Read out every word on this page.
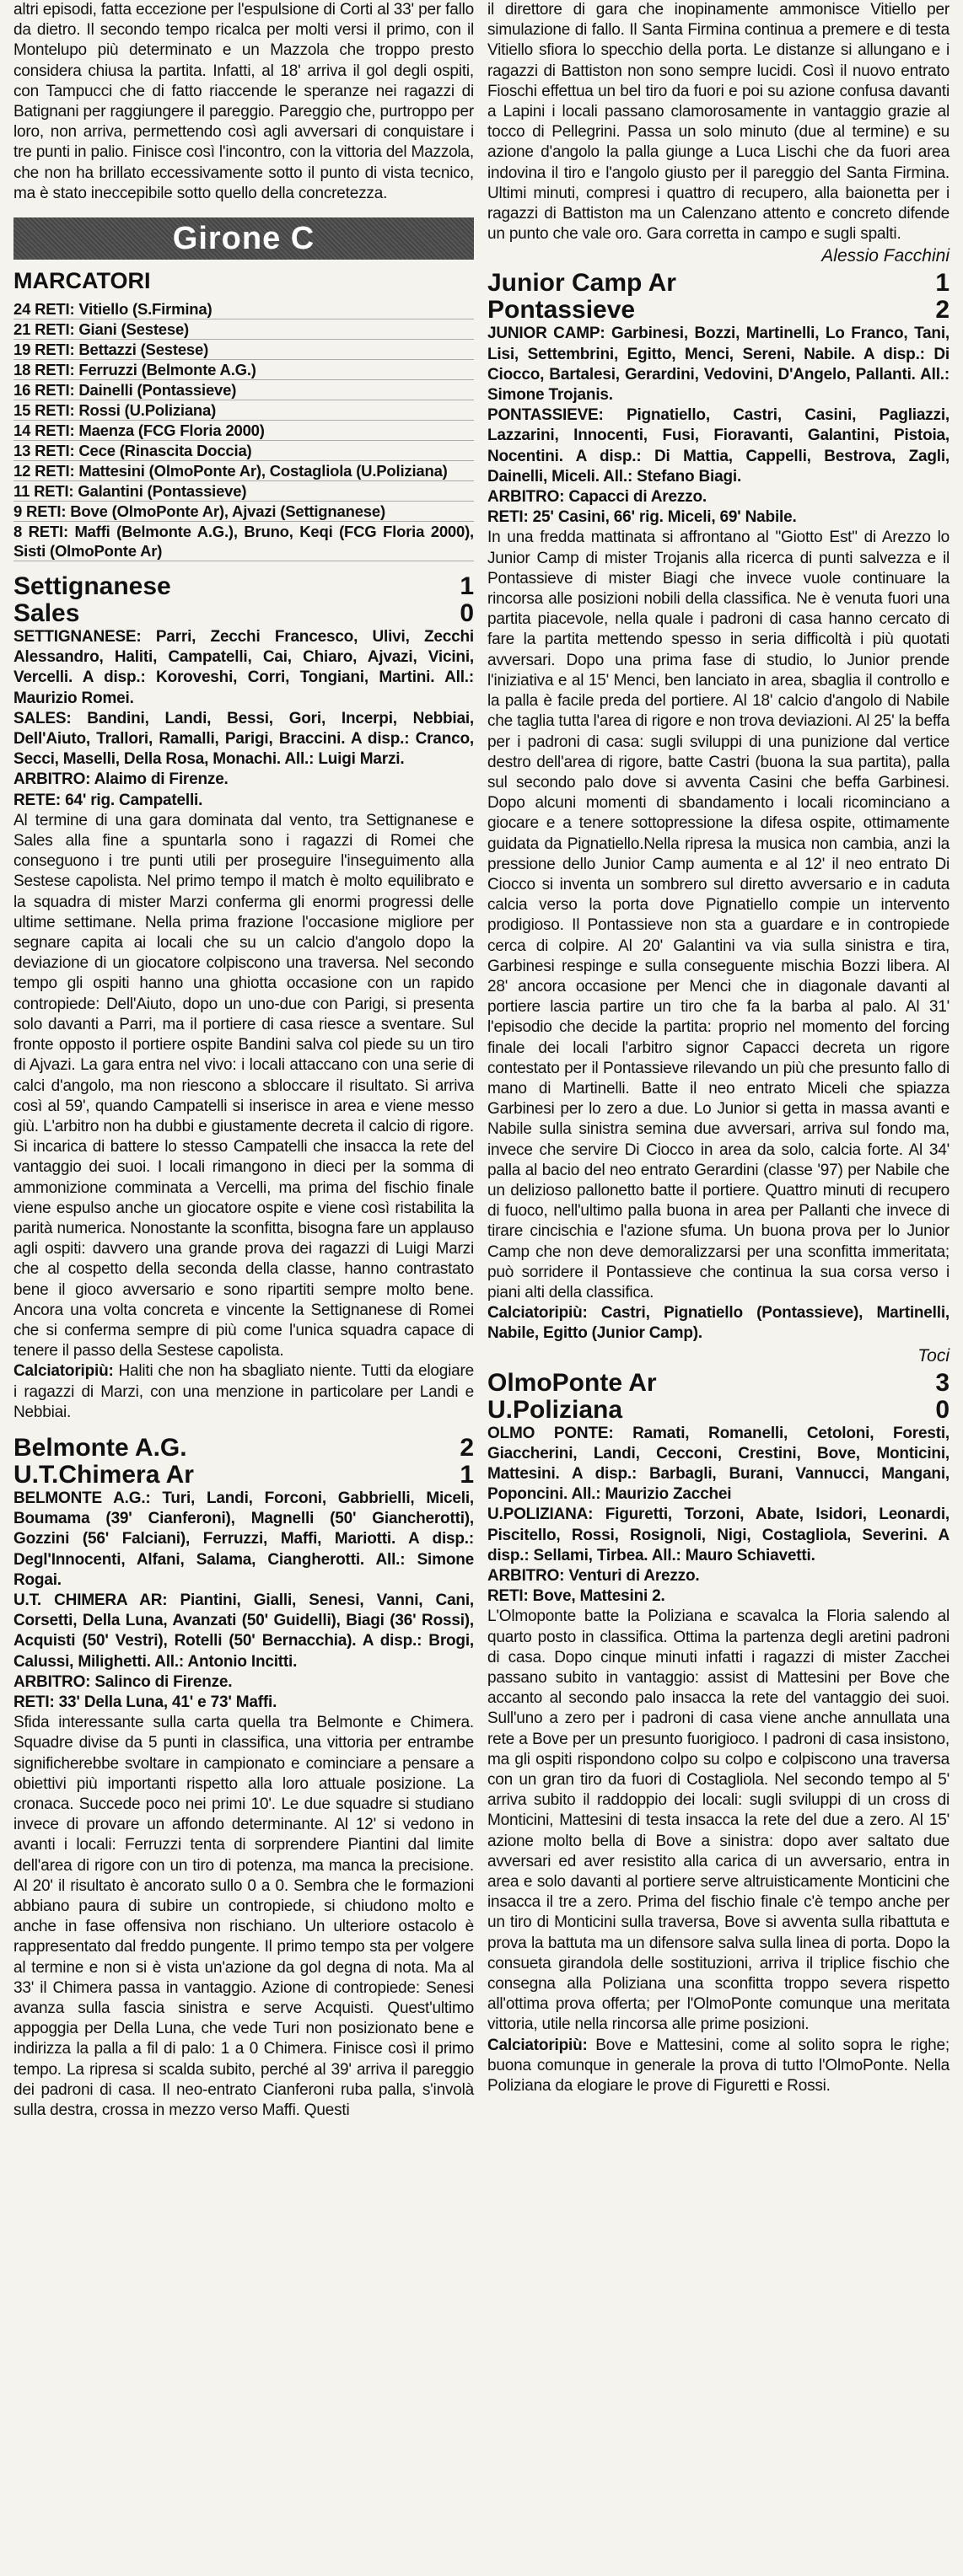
altri episodi, fatta eccezione per l'espulsione di Corti al 33' per fallo da dietro. Il secondo tempo ricalca per molti versi il primo, con il Montelupo più determinato e un Mazzola che troppo presto considera chiusa la partita. Infatti, al 18' arriva il gol degli ospiti, con Tampucci che di fatto riaccende le speranze nei ragazzi di Batignani per raggiungere il pareggio. Pareggio che, purtroppo per loro, non arriva, permettendo così agli avversari di conquistare i tre punti in palio. Finisce così l'incontro, con la vittoria del Mazzola, che non ha brillato eccessivamente sotto il punto di vista tecnico, ma è stato ineccepibile sotto quello della concretezza.

Girone C
MARCATORI

24 RETI: Vitiello (S.Firmina)

21 RETI: Giani (Sestese)

19 RETI: Bettazzi (Sestese)

18 RETI: Ferruzzi (Belmonte A.G.)

16 RETI: Dainelli (Pontassieve)

15 RETI: Rossi (U.Poliziana)

14 RETI: Maenza (FCG Floria 2000)

13 RETI: Cece (Rinascita Doccia)

12 RETI: Mattesini (OlmoPonte Ar), Costagliola (U.Poliziana)

11 RETI: Galantini (Pontassieve)

9 RETI: Bove (OlmoPonte Ar), Ajvazi (Settignanese)

8 RETI: Maffi (Belmonte A.G.), Bruno, Keqi (FCG Floria 2000), Sisti (OlmoPonte Ar)

Settignanese	1
Sales	0

SETTIGNANESE: Parri, Zecchi Francesco, Ulivi, Zecchi Alessandro, Haliti, Campatelli, Cai, Chiaro, Ajvazi, Vicini, Vercelli. A disp.: Koroveshi, Corri, Tongiani, Martini. All.: Maurizio Romei.

SALES: Bandini, Landi, Bessi, Gori, Incerpi, Nebbiai, Dell'Aiuto, Trallori, Ramalli, Parigi, Braccini. A disp.: Cranco, Secci, Maselli, Della Rosa, Monachi. All.: Luigi Marzi.

ARBITRO: Alaimo di Firenze.

RETE: 64' rig. Campatelli.

Al termine di una gara dominata dal vento, tra Settignanese e Sales alla fine a spuntarla sono i ragazzi di Romei che conseguono i tre punti utili per proseguire l'inseguimento alla Sestese capolista. Nel primo tempo il match è molto equilibrato e la squadra di mister Marzi conferma gli enormi progressi delle ultime settimane. Nella prima frazione l'occasione migliore per segnare capita ai locali che su un calcio d'angolo dopo la deviazione di un giocatore colpiscono una traversa. Nel secondo tempo gli ospiti hanno una ghiotta occasione con un rapido contropiede: Dell'Aiuto, dopo un uno-due con Parigi, si presenta solo davanti a Parri, ma il portiere di casa riesce a sventare. Sul fronte opposto il portiere ospite Bandini salva col piede su un tiro di Ajvazi. La gara entra nel vivo: i locali attaccano con una serie di calci d'angolo, ma non riescono a sbloccare il risultato. Si arriva così al 59', quando Campatelli si inserisce in area e viene messo giù. L'arbitro non ha dubbi e giustamente decreta il calcio di rigore. Si incarica di battere lo stesso Campatelli che insacca la rete del vantaggio dei suoi. I locali rimangono in dieci per la somma di ammonizione comminata a Vercelli, ma prima del fischio finale viene espulso anche un giocatore ospite e viene così ristabilita la parità numerica. Nonostante la sconfitta, bisogna fare un applauso agli ospiti: davvero una grande prova dei ragazzi di Luigi Marzi che al cospetto della seconda della classe, hanno contrastato bene il gioco avversario e sono ripartiti sempre molto bene. Ancora una volta concreta e vincente la Settignanese di Romei che si conferma sempre di più come l'unica squadra capace di tenere il passo della Sestese capolista.

Calciatoripiù: Haliti che non ha sbagliato niente. Tutti da elogiare i ragazzi di Marzi, con una menzione in particolare per Landi e Nebbiai.

Belmonte A.G.	2
U.T.Chimera Ar	1

BELMONTE A.G.: Turi, Landi, Forconi, Gabbrielli, Miceli, Boumama (39' Cianferoni), Magnelli (50' Giancherotti), Gozzini (56' Falciani), Ferruzzi, Maffi, Mariotti. A disp.: Degl'Innocenti, Alfani, Salama, Ciangherotti. All.: Simone Rogai.

U.T. CHIMERA AR: Piantini, Gialli, Senesi, Vanni, Cani, Corsetti, Della Luna, Avanzati (50' Guidelli), Biagi (36' Rossi), Acquisti (50' Vestri), Rotelli (50' Bernacchia). A disp.: Brogi, Calussi, Milighetti. All.: Antonio Incitti.

ARBITRO: Salinco di Firenze.

RETI: 33' Della Luna, 41' e 73' Maffi.

Sfida interessante sulla carta quella tra Belmonte e Chimera. Squadre divise da 5 punti in classifica, una vittoria per entrambe significherebbe svoltare in campionato e cominciare a pensare a obiettivi più importanti rispetto alla loro attuale posizione. La cronaca. Succede poco nei primi 10'. Le due squadre si studiano invece di provare un affondo determinante. Al 12' si vedono in avanti i locali: Ferruzzi tenta di sorprendere Piantini dal limite dell'area di rigore con un tiro di potenza, ma manca la precisione. Al 20' il risultato è ancorato sullo 0 a 0. Sembra che le formazioni abbiano paura di subire un contropiede, si chiudono molto e anche in fase offensiva non rischiano. Un ulteriore ostacolo è rappresentato dal freddo pungente. Il primo tempo sta per volgere al termine e non si è vista un'azione da gol degna di nota. Ma al 33' il Chimera passa in vantaggio. Azione di contropiede: Senesi avanza sulla fascia sinistra e serve Acquisti. Quest'ultimo appoggia per Della Luna, che vede Turi non posizionato bene e indirizza la palla a fil di palo: 1 a 0 Chimera. Finisce così il primo tempo. La ripresa si scalda subito, perché al 39' arriva il pareggio dei padroni di casa. Il neo-entrato Cianferoni ruba palla, s'involà sulla destra, crossa in mezzo verso Maffi. Questi

il direttore di gara che inopinamente ammonisce Vitiello per simulazione di fallo. Il Santa Firmina continua a premere e di testa Vitiello sfiora lo specchio della porta. Le distanze si allungano e i ragazzi di Battiston non sono sempre lucidi. Così il nuovo entrato Fioschi effettua un bel tiro da fuori e poi su azione confusa davanti a Lapini i locali passano clamorosamente in vantaggio grazie al tocco di Pellegrini. Passa un solo minuto (due al termine) e su azione d'angolo la palla giunge a Luca Lischi che da fuori area indovina il tiro e l'angolo giusto per il pareggio del Santa Firmina. Ultimi minuti, compresi i quattro di recupero, alla baionetta per i ragazzi di Battiston ma un Calenzano attento e concreto difende un punto che vale oro. Gara corretta in campo e sugli spalti.

Alessio Facchini
Junior Camp Ar	1
Pontassieve	2

JUNIOR CAMP: Garbinesi, Bozzi, Martinelli, Lo Franco, Tani, Lisi, Settembrini, Egitto, Menci, Sereni, Nabile. A disp.: Di Ciocco, Bartalesi, Gerardini, Vedovini, D'Angelo, Pallanti. All.: Simone Trojanis.

PONTASSIEVE: Pignatiello, Castri, Casini, Pagliazzi, Lazzarini, Innocenti, Fusi, Fioravanti, Galantini, Pistoia, Nocentini. A disp.: Di Mattia, Cappelli, Bestrova, Zagli, Dainelli, Miceli. All.: Stefano Biagi.

ARBITRO: Capacci di Arezzo.

RETI: 25' Casini, 66' rig. Miceli, 69' Nabile.

In una fredda mattinata si affrontano al "Giotto Est" di Arezzo lo Junior Camp di mister Trojanis alla ricerca di punti salvezza e il Pontassieve di mister Biagi che invece vuole continuare la rincorsa alle posizioni nobili della classifica. Ne è venuta fuori una partita piacevole, nella quale i padroni di casa hanno cercato di fare la partita mettendo spesso in seria difficoltà i più quotati avversari. Dopo una prima fase di studio, lo Junior prende l'iniziativa e al 15' Menci, ben lanciato in area, sbaglia il controllo e la palla è facile preda del portiere. Al 18' calcio d'angolo di Nabile che taglia tutta l'area di rigore e non trova deviazioni. Al 25' la beffa per i padroni di casa: sugli sviluppi di una punizione dal vertice destro dell'area di rigore, batte Castri (buona la sua partita), palla sul secondo palo dove si avventa Casini che beffa Garbinesi. Dopo alcuni momenti di sbandamento i locali ricominciano a giocare e a tenere sottopressione la difesa ospite, ottimamente guidata da Pignatiello.Nella ripresa la musica non cambia, anzi la pressione dello Junior Camp aumenta e al 12' il neo entrato Di Ciocco si inventa un sombrero sul diretto avversario e in caduta calcia verso la porta dove Pignatiello compie un intervento prodigioso. Il Pontassieve non sta a guardare e in contropiede cerca di colpire. Al 20' Galantini va via sulla sinistra e tira, Garbinesi respinge e sulla conseguente mischia Bozzi libera. Al 28' ancora occasione per Menci che in diagonale davanti al portiere lascia partire un tiro che fa la barba al palo. Al 31' l'episodio che decide la partita: proprio nel momento del forcing finale dei locali l'arbitro signor Capacci decreta un rigore contestato per il Pontassieve rilevando un più che presunto fallo di mano di Martinelli. Batte il neo entrato Miceli che spiazza Garbinesi per lo zero a due. Lo Junior si getta in massa avanti e Nabile sulla sinistra semina due avversari, arriva sul fondo ma, invece che servire Di Ciocco in area da solo, calcia forte. Al 34' palla al bacio del neo entrato Gerardini (classe '97) per Nabile che un delizioso pallonetto batte il portiere. Quattro minuti di recupero di fuoco, nell'ultimo palla buona in area per Pallanti che invece di tirare cincischia e l'azione sfuma. Un buona prova per lo Junior Camp che non deve demoralizzarsi per una sconfitta immeritata; può sorridere il Pontassieve che continua la sua corsa verso i piani alti della classifica.

Calciatoripiù: Castri, Pignatiello (Pontassieve), Martinelli, Nabile, Egitto (Junior Camp).

Toci
OlmoPonte Ar	3
U.Poliziana	0

OLMO PONTE: Ramati, Romanelli, Cetoloni, Foresti, Giaccherini, Landi, Cecconi, Crestini, Bove, Monticini, Mattesini. A disp.: Barbagli, Burani, Vannucci, Mangani, Poponcini. All.: Maurizio Zacchei

U.POLIZIANA: Figuretti, Torzoni, Abate, Isidori, Leonardi, Piscitello, Rossi, Rosignoli, Nigi, Costagliola, Severini. A disp.: Sellami, Tirbea. All.: Mauro Schiavetti.

ARBITRO: Venturi di Arezzo.

RETI: Bove, Mattesini 2.

L'Olmoponte batte la Poliziana e scavalca la Floria salendo al quarto posto in classifica. Ottima la partenza degli aretini padroni di casa. Dopo cinque minuti infatti i ragazzi di mister Zacchei passano subito in vantaggio: assist di Mattesini per Bove che accanto al secondo palo insacca la rete del vantaggio dei suoi. Sull'uno a zero per i padroni di casa viene anche annullata una rete a Bove per un presunto fuorigioco. I padroni di casa insistono, ma gli ospiti rispondono colpo su colpo e colpiscono una traversa con un gran tiro da fuori di Costagliola. Nel secondo tempo al 5' arriva subito il raddoppio dei locali: sugli sviluppi di un cross di Monticini, Mattesini di testa insacca la rete del due a zero. Al 15' azione molto bella di Bove a sinistra: dopo aver saltato due avversari ed aver resistito alla carica di un avversario, entra in area e solo davanti al portiere serve altruisticamente Monticini che insacca il tre a zero. Prima del fischio finale c'è tempo anche per un tiro di Monticini sulla traversa, Bove si avventa sulla ribattuta e prova la battuta ma un difensore salva sulla linea di porta. Dopo la consueta girandola delle sostituzioni, arriva il triplice fischio che consegna alla Poliziana una sconfitta troppo severa rispetto all'ottima prova offerta; per l'OlmoPonte comunque una meritata vittoria, utile nella rincorsa alle prime posizioni.

Calciatoripiù: Bove e Mattesini, come al solito sopra le righe; buona comunque in generale la prova di tutto l'OlmoPonte. Nella Poliziana da elogiare le prove di Figuretti e Rossi.
